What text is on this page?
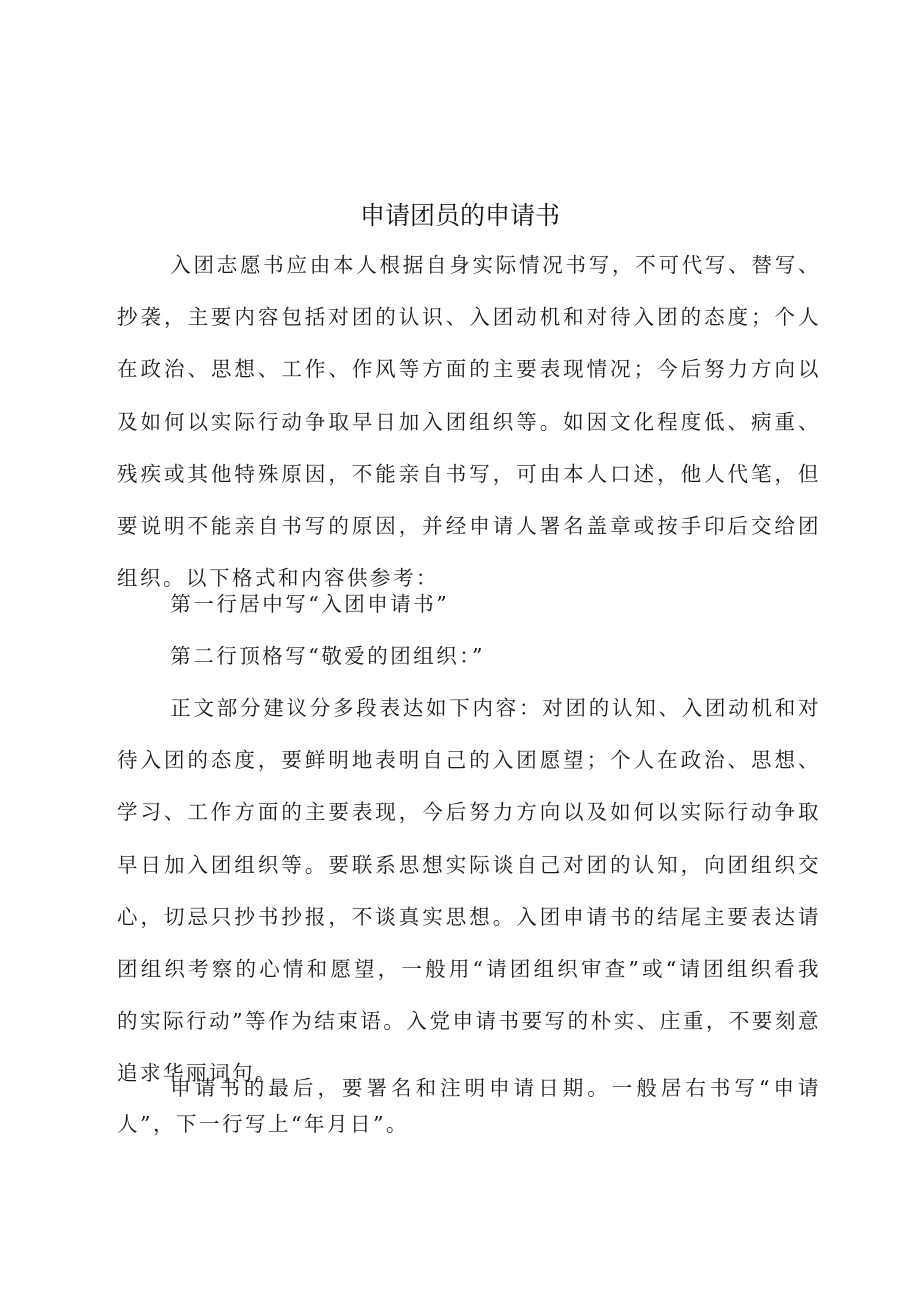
申请团员的申请书

入团志愿书应由本人根据自身实际情况书写，不可代写、替写、抄袭，主要内容包括对团的认识、入团动机和对待入团的态度；个人在政治、思想、工作、作风等方面的主要表现情况；今后努力方向以及如何以实际行动争取早日加入团组织等。如因文化程度低、病重、残疾或其他特殊原因，不能亲自书写，可由本人口述，他人代笔，但要说明不能亲自书写的原因，并经申请人署名盖章或按手印后交给团组织。以下格式和内容供参考：

第一行居中写“入团申请书”

第二行顶格写“敬爱的团组织：”

正文部分建议分多段表达如下内容：对团的认知、入团动机和对待入团的态度，要鲜明地表明自己的入团愿望；个人在政治、思想、学习、工作方面的主要表现，今后努力方向以及如何以实际行动争取早日加入团组织等。要联系思想实际谈自己对团的认知，向团组织交心，切忌只抄书抄报，不谈真实思想。入团申请书的结尾主要表达请团组织考察的心情和愿望，一般用“请团组织审查”或“请团组织看我的实际行动”等作为结束语。入党申请书要写的朴实、庄重，不要刻意追求华丽词句。

申请书的最后，要署名和注明申请日期。一般居右书写“申请人”，下一行写上“年月日”。
